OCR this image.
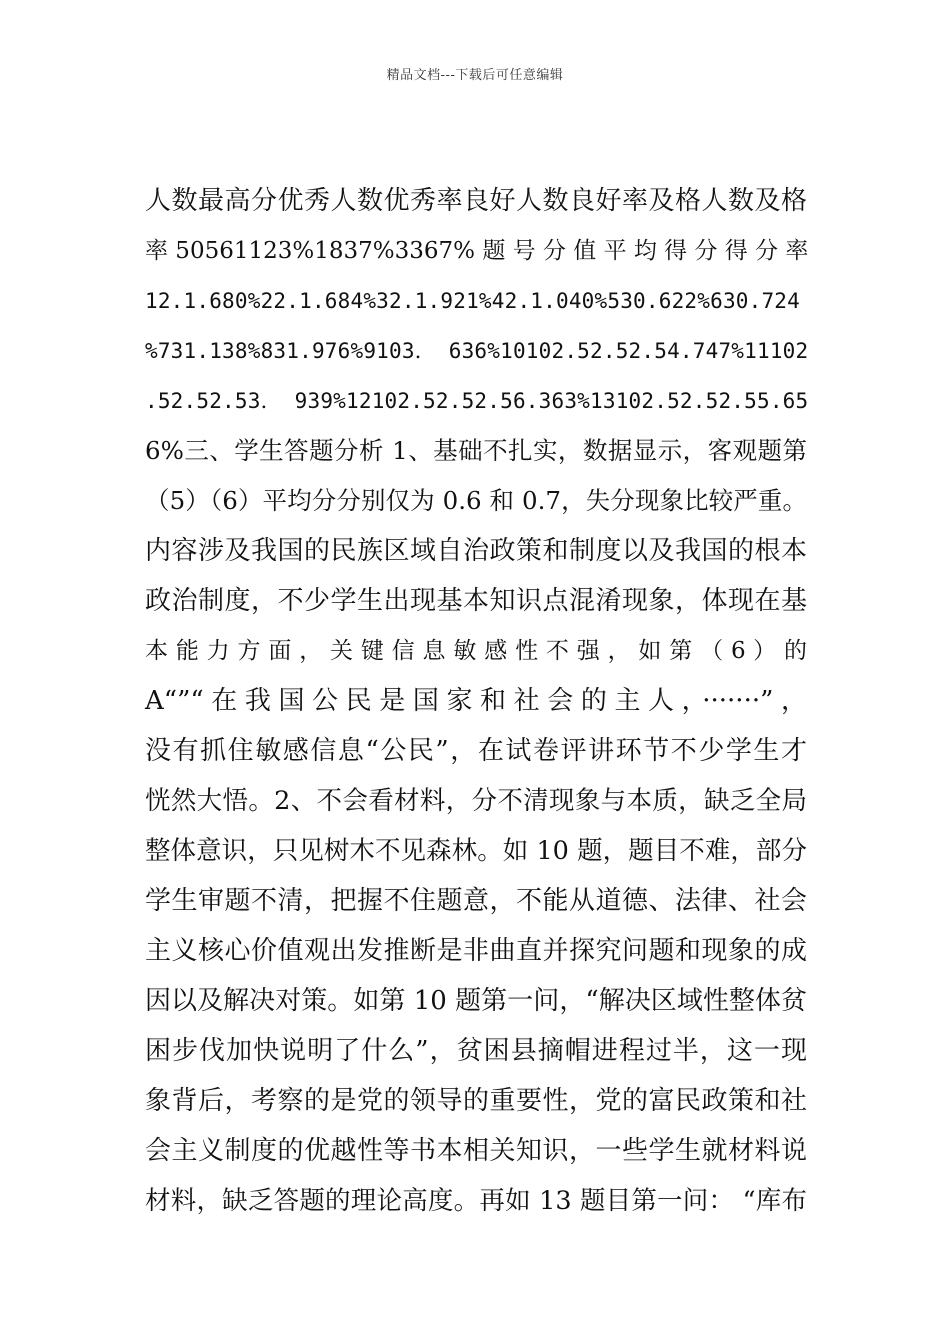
精品文档---下载后可任意编辑
人数最高分优秀人数优秀率良好人数良好率及格人数及格
率 50561123%1837%3367% 题 号 分 值 平 均 得 分 得 分 率
12.1.680%22.1.684%32.1.921%42.1.040%530.622%630.724
%731.138%831.976%9103． 636%10102.52.52.54.747%11102
.52.52.53． 939%12102.52.52.56.363%13102.52.52.55.65
6%三、学生答题分析 1、基础不扎实，数据显示，客观题第
（5）（6）平均分分别仅为 0.6 和 0.7，失分现象比较严重。
内容涉及我国的民族区域自治政策和制度以及我国的根本
政治制度，不少学生出现基本知识点混淆现象，体现在基
本 能 力 方 面 ， 关 键 信 息 敏 感 性 不 强 ， 如 第 （ 6 ） 的
A“”“在我国公民是国家和社会的主人，·······”，
没有抓住敏感信息“公民”，在试卷评讲环节不少学生才
恍然大悟。2、不会看材料，分不清现象与本质，缺乏全局
整体意识，只见树木不见森林。如 10 题，题目不难，部分
学生审题不清，把握不住题意，不能从道德、法律、社会
主义核心价值观出发推断是非曲直并探究问题和现象的成
因以及解决对策。如第 10 题第一问，“解决区域性整体贫
困步伐加快说明了什么”，贫困县摘帽进程过半，这一现
象背后，考察的是党的领导的重要性，党的富民政策和社
会主义制度的优越性等书本相关知识，一些学生就材料说
材料，缺乏答题的理论高度。再如 13 题目第一问： “库布
